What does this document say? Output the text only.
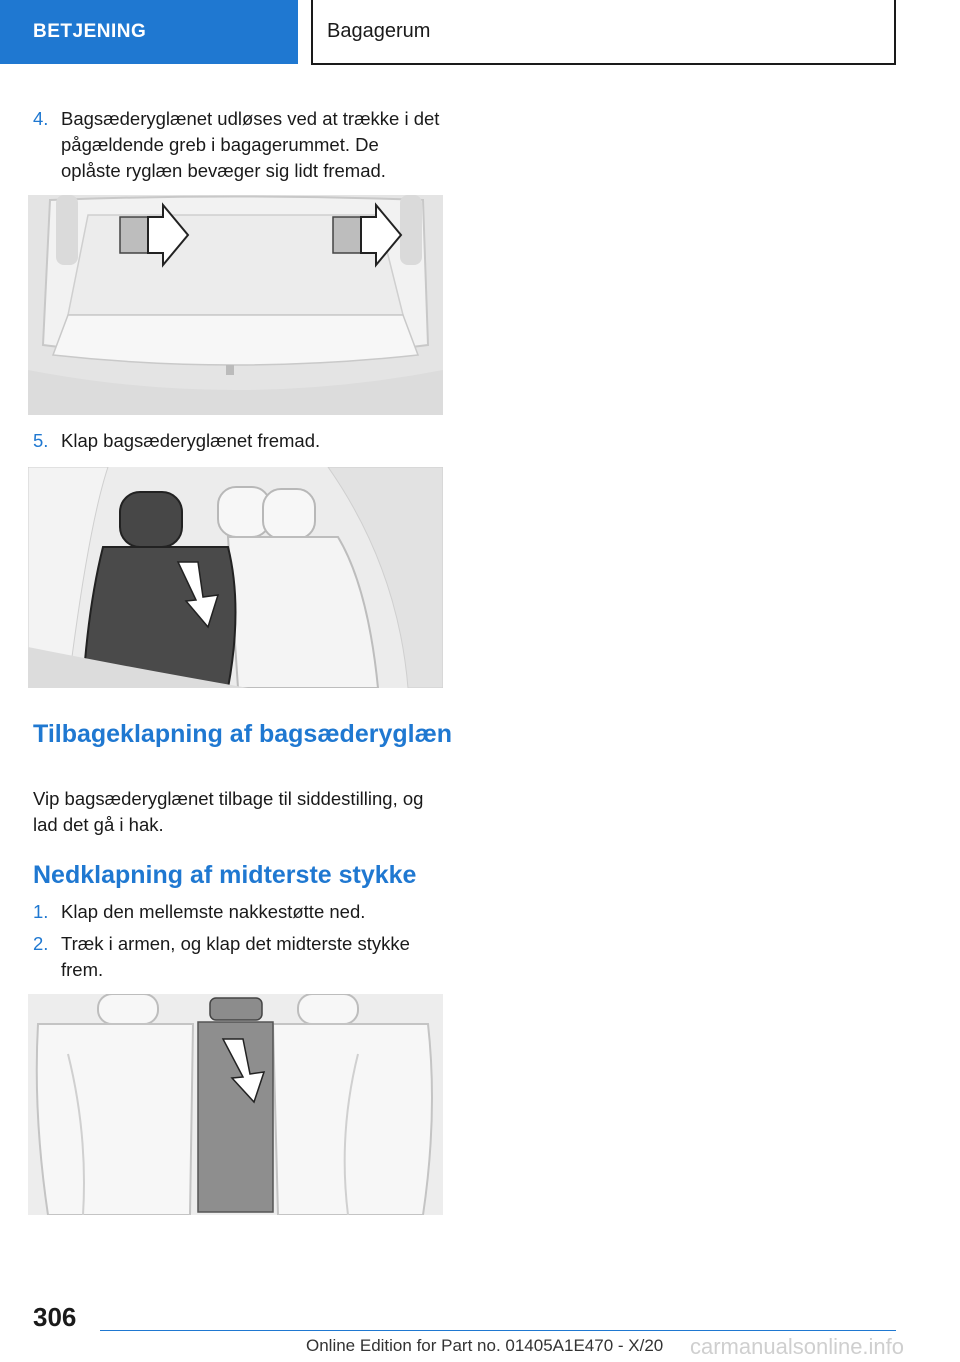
BETJENING	Bagagerum
4. Bagsæderyglænet udløses ved at trække i det pågældende greb i bagagerummet. De oplåste ryglæn bevæger sig lidt fremad.
5. Klap bagsæderyglænet fremad.
Tilbageklapning af bagsæderyglæn
Vip bagsæderyglænet tilbage til siddestilling, og lad det gå i hak.
Nedklapning af midterste stykke
1. Klap den mellemste nakkestøtte ned.
2. Træk i armen, og klap det midterste stykke frem.
306
Online Edition for Part no. 01405A1E470 - X/20 carmanualsonline.info
